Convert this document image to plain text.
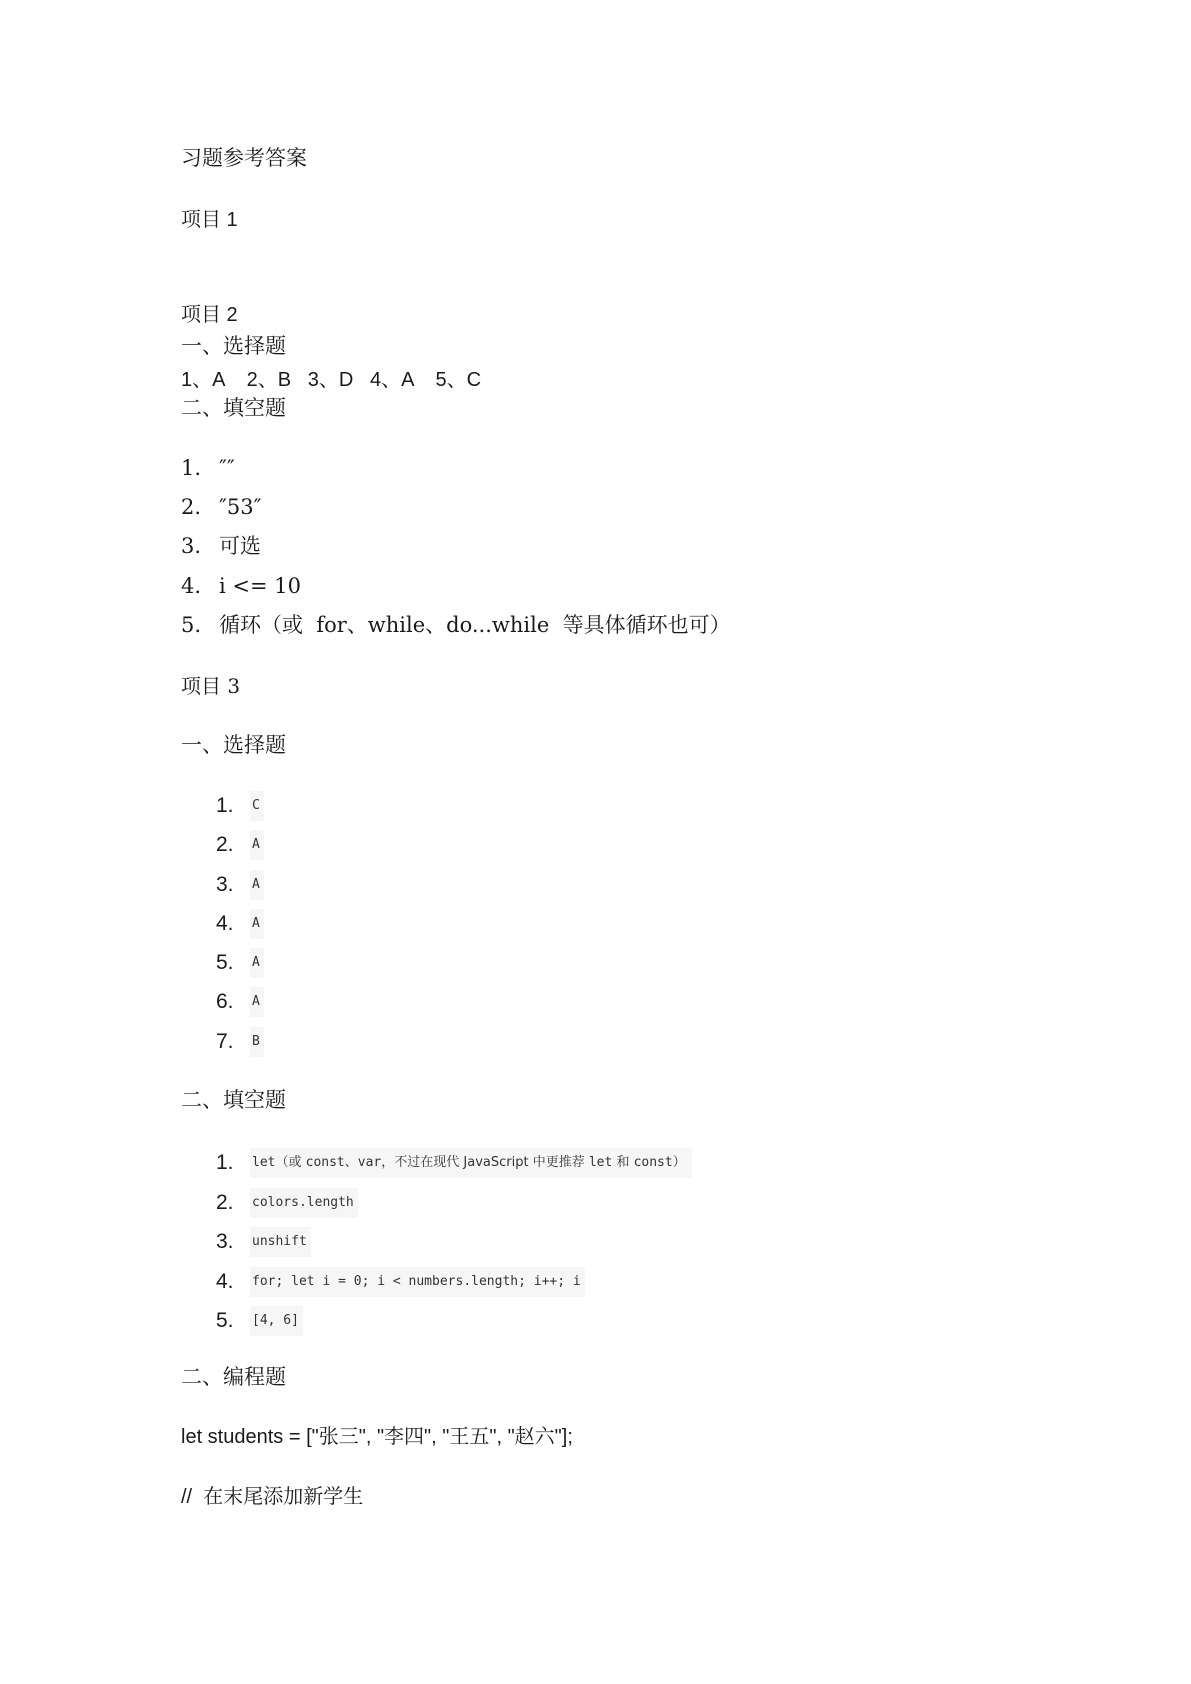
习题参考答案
项目 1
项目 2
一、选择题
1、A    2、B   3、D   4、A    5、C
二、填空题
1. ″″
2. ″53″
3. 可选
4. i <= 10
5. 循环（或  for、while、do...while  等具体循环也可）
项目 3
一、选择题
1.	C
2.	A
3.	A
4.	A
5.	A
6.	A
7.	B
二、填空题
1.	let（或 const、var，不过在现代 JavaScript 中更推荐 let 和 const）
2.	colors.length
3.	unshift
4.	for; let i = 0; i < numbers.length; i++; i
5.	[4, 6]
二、编程题
let students = ["张三", "李四", "王五", "赵六"];
//  在末尾添加新学生
